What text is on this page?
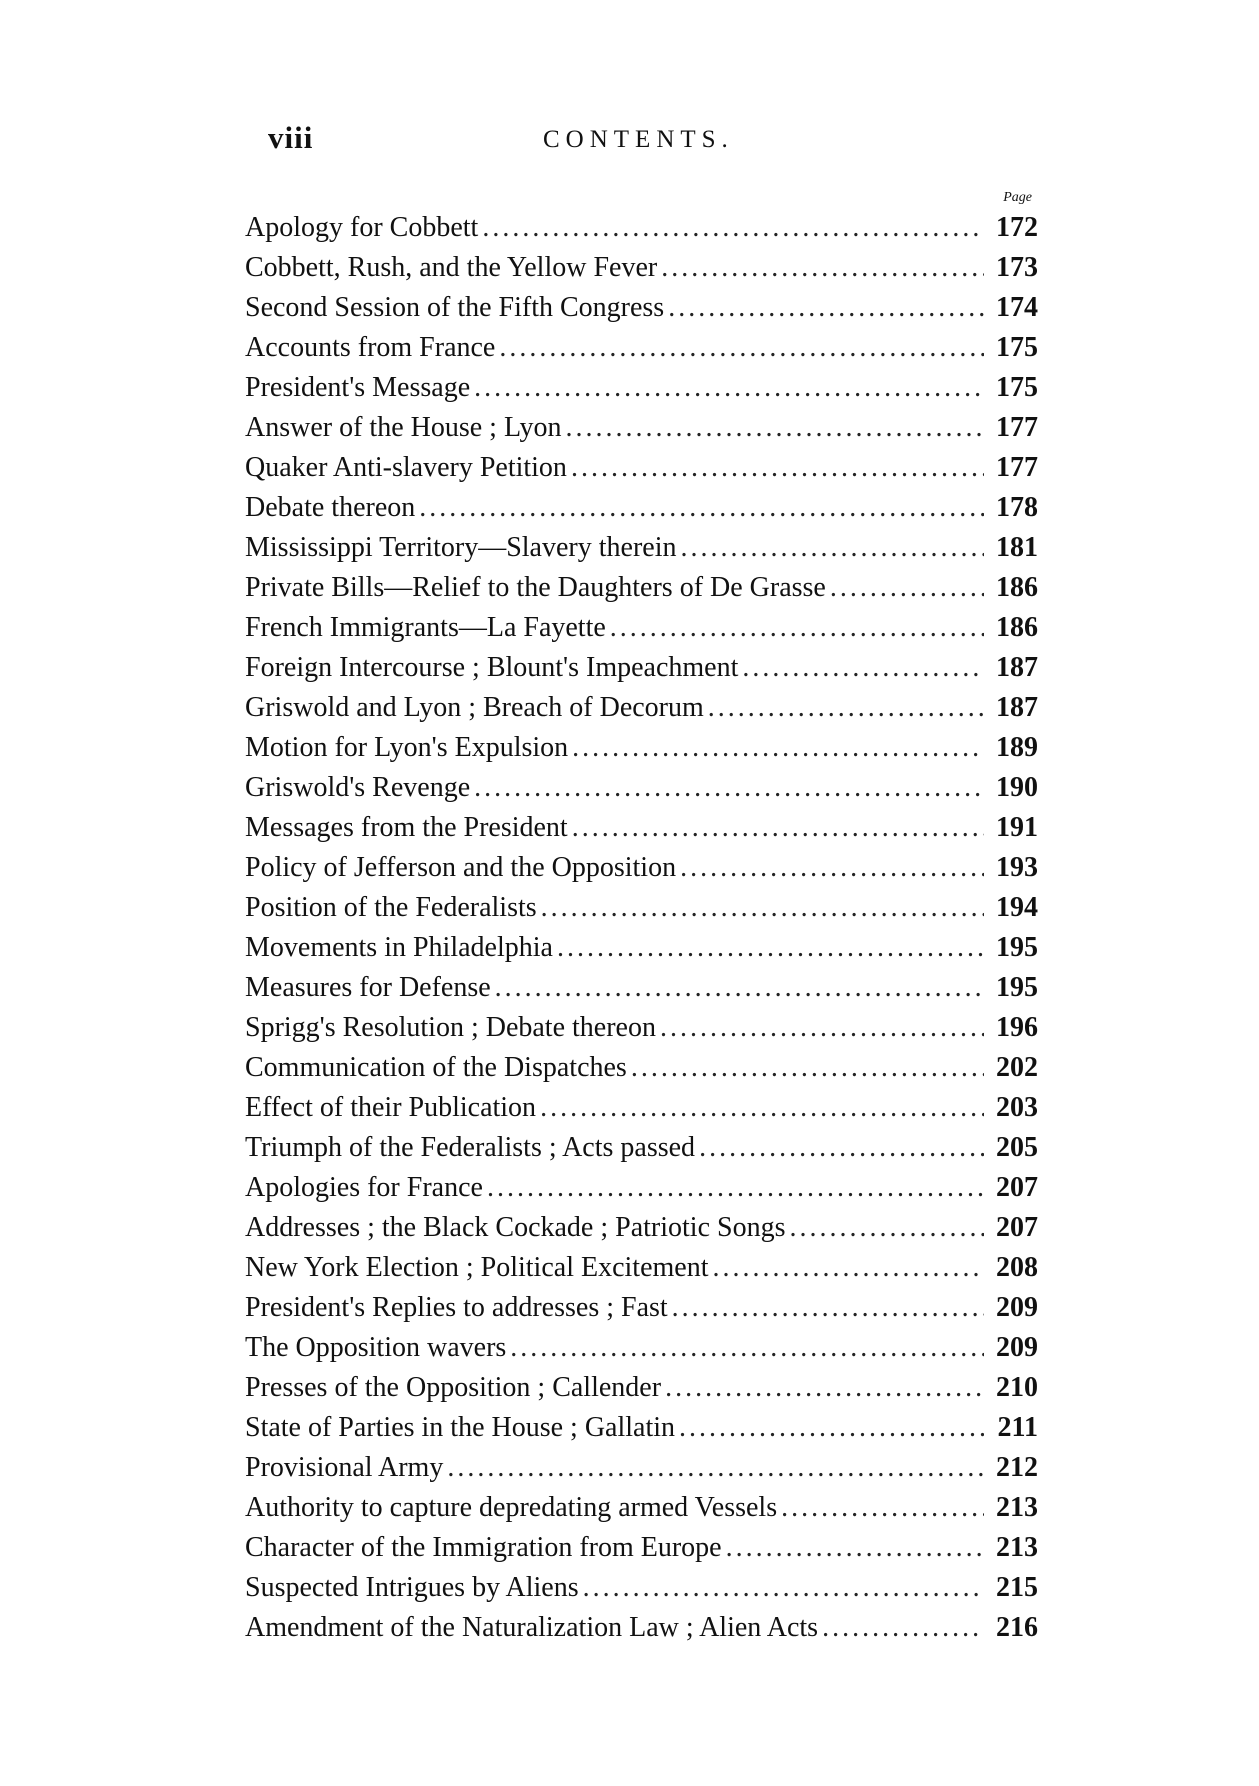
viii	CONTENTS.
Page
Apology for Cobbett .....	172
Cobbett, Rush, and the Yellow Fever .....	173
Second Session of the Fifth Congress .....	174
Accounts from France .....	175
President's Message .....	175
Answer of the House ; Lyon .....	177
Quaker Anti-slavery Petition .....	177
Debate thereon .....	178
Mississippi Territory—Slavery therein .....	181
Private Bills—Relief to the Daughters of De Grasse .....	186
French Immigrants—La Fayette .....	186
Foreign Intercourse ; Blount's Impeachment .....	187
Griswold and Lyon ; Breach of Decorum .....	187
Motion for Lyon's Expulsion .....	189
Griswold's Revenge .....	190
Messages from the President .....	191
Policy of Jefferson and the Opposition .....	193
Position of the Federalists .....	194
Movements in Philadelphia .....	195
Measures for Defense .....	195
Sprigg's Resolution ; Debate thereon .....	196
Communication of the Dispatches .....	202
Effect of their Publication .....	203
Triumph of the Federalists ; Acts passed .....	205
Apologies for France .....	207
Addresses ; the Black Cockade ; Patriotic Songs .....	207
New York Election ; Political Excitement .....	208
President's Replies to addresses ; Fast .....	209
The Opposition wavers .....	209
Presses of the Opposition ; Callender .....	210
State of Parties in the House ; Gallatin .....	211
Provisional Army .....	212
Authority to capture depredating armed Vessels .....	213
Character of the Immigration from Europe .....	213
Suspected Intrigues by Aliens .....	215
Amendment of the Naturalization Law ; Alien Acts .....	216
